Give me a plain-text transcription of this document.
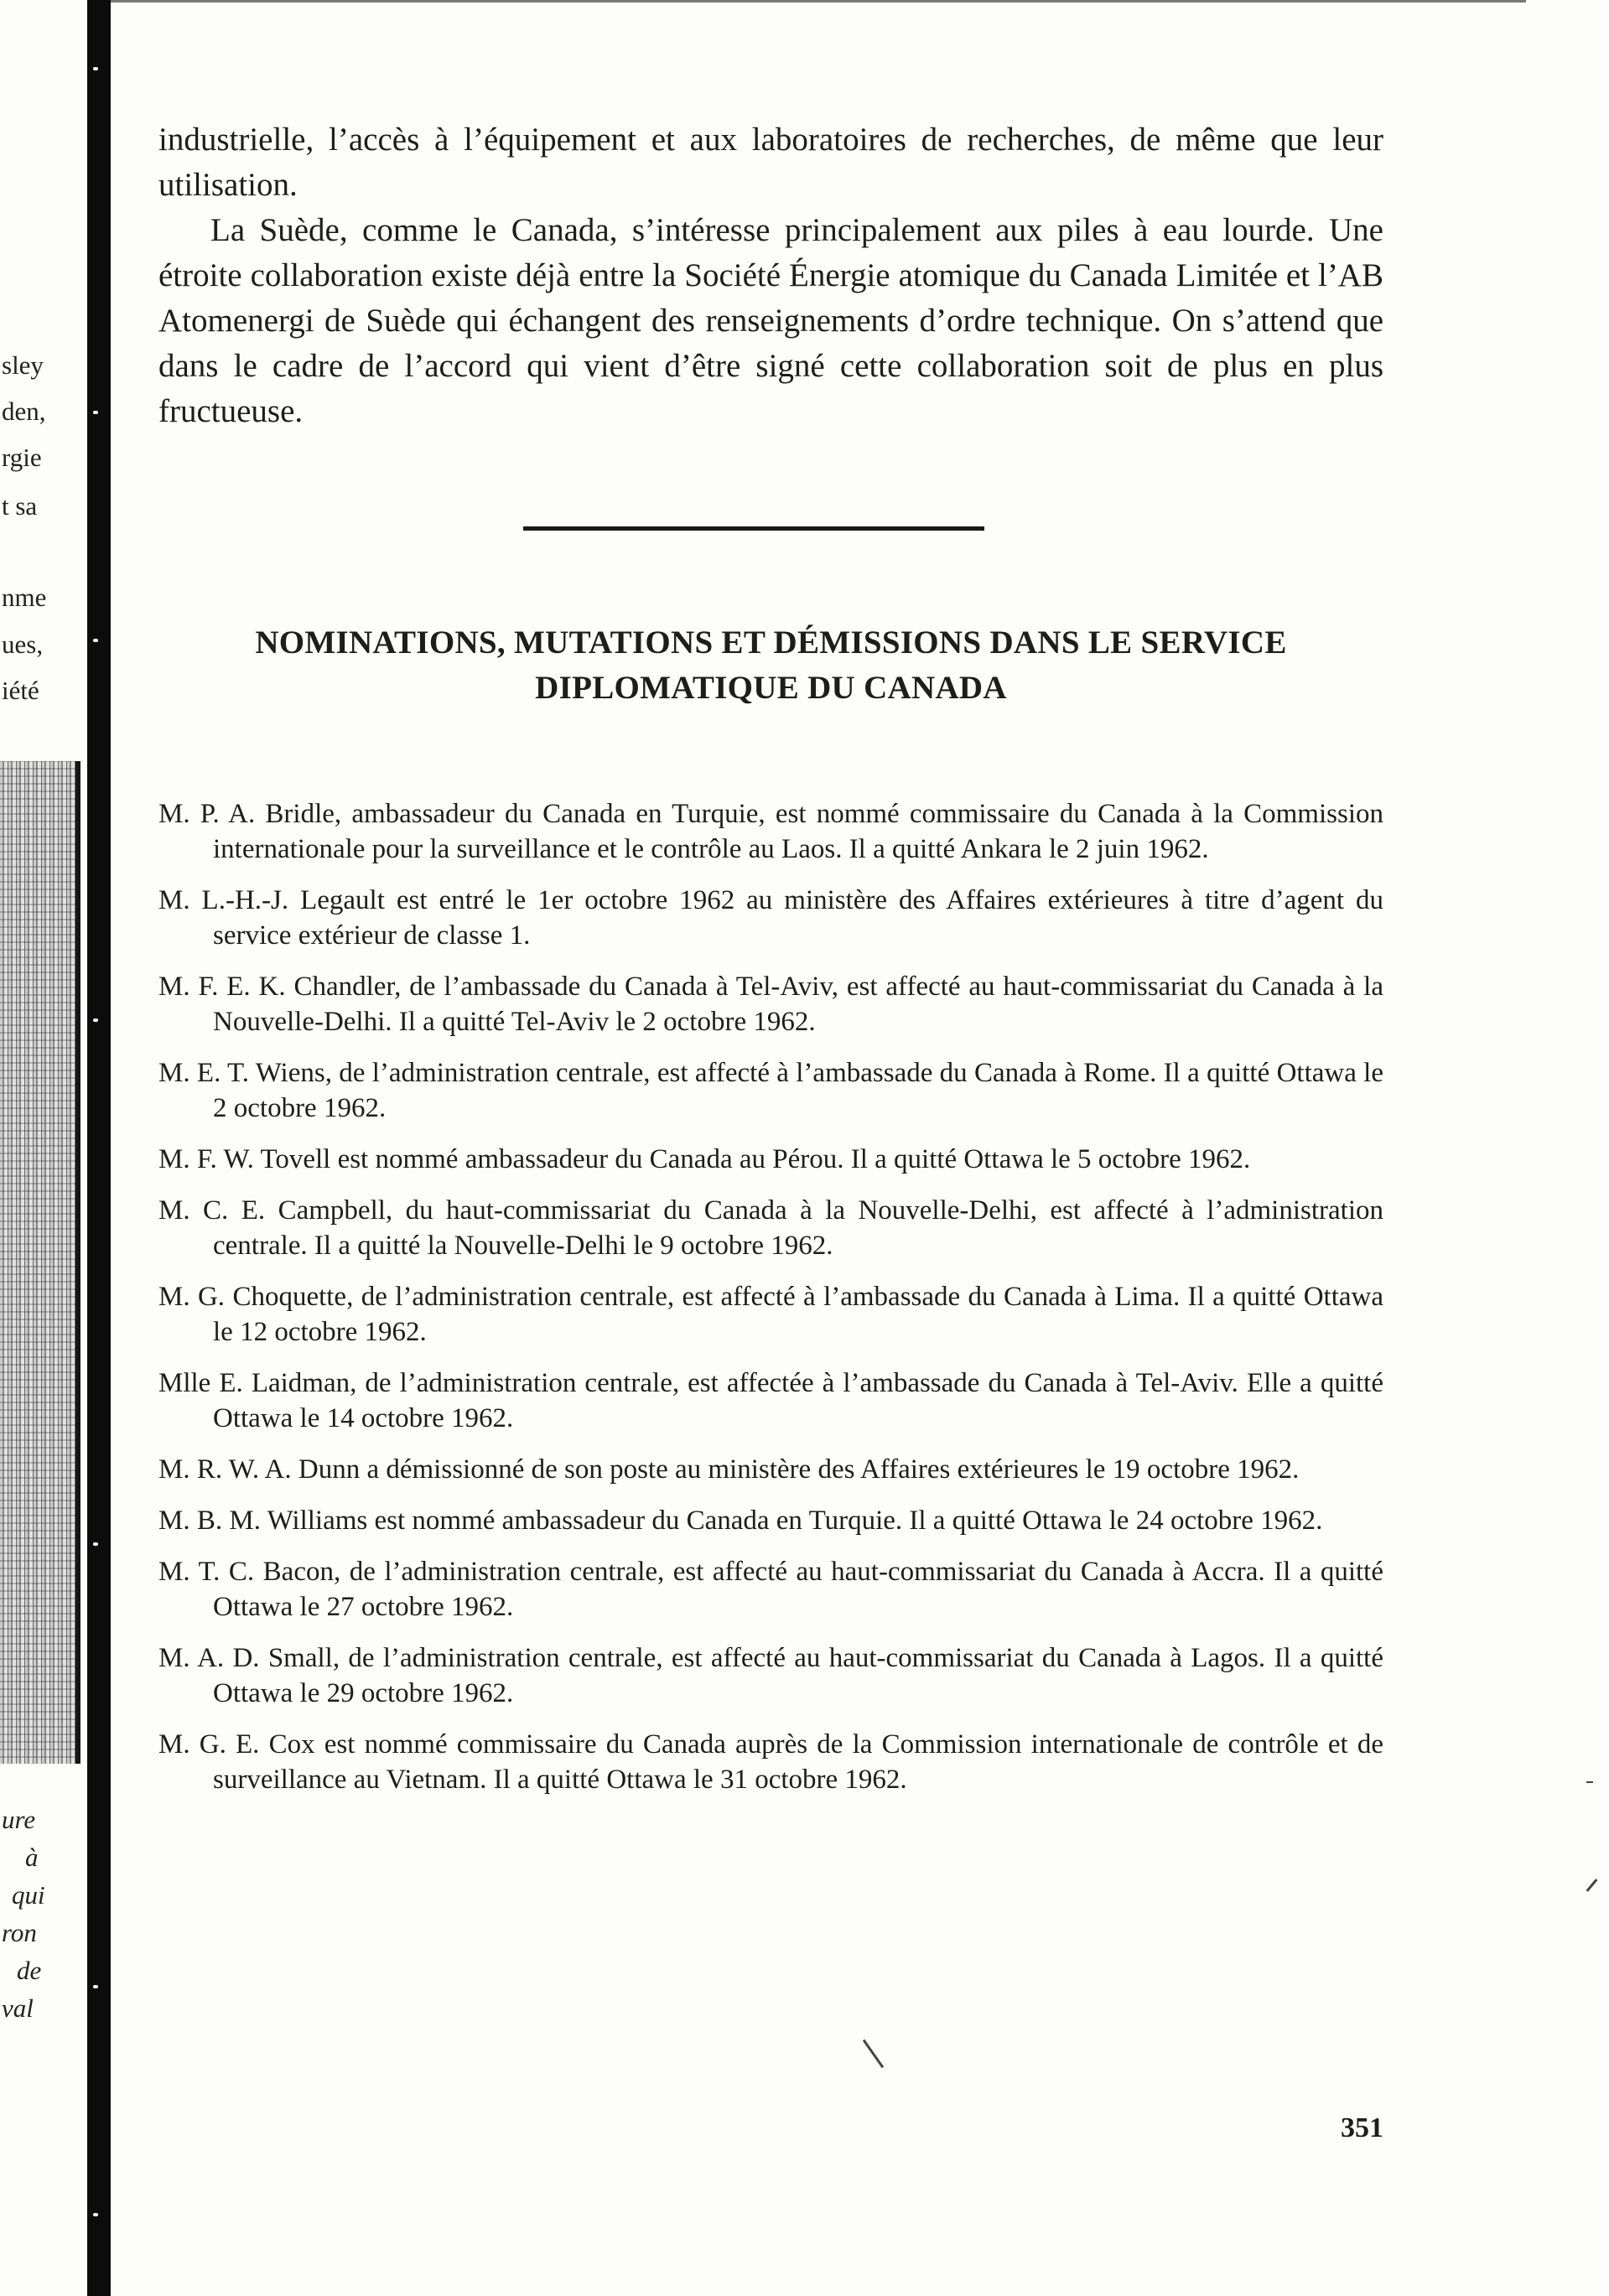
sley
den,
rgie
t sa
nme
ues,
iété
ure
à
qui
ron
de
val

industrielle, l’accès à l’équipement et aux laboratoires de recherches, de même que leur utilisation.

La Suède, comme le Canada, s’intéresse principalement aux piles à eau lourde. Une étroite collaboration existe déjà entre la Société Énergie atomique du Canada Limitée et l’AB Atomenergi de Suède qui échangent des renseignements d’ordre technique. On s’attend que dans le cadre de l’accord qui vient d’être signé cette collaboration soit de plus en plus fructueuse.

NOMINATIONS, MUTATIONS ET DÉMISSIONS DANS LE SERVICE
DIPLOMATIQUE DU CANADA

M. P. A. Bridle, ambassadeur du Canada en Turquie, est nommé commissaire du Canada à la Commission internationale pour la surveillance et le contrôle au Laos. Il a quitté Ankara le 2 juin 1962.

M. L.-H.-J. Legault est entré le 1er octobre 1962 au ministère des Affaires extérieures à titre d’agent du service extérieur de classe 1.

M. F. E. K. Chandler, de l’ambassade du Canada à Tel-Aviv, est affecté au haut-commissariat du Canada à la Nouvelle-Delhi. Il a quitté Tel-Aviv le 2 octobre 1962.

M. E. T. Wiens, de l’administration centrale, est affecté à l’ambassade du Canada à Rome. Il a quitté Ottawa le 2 octobre 1962.

M. F. W. Tovell est nommé ambassadeur du Canada au Pérou. Il a quitté Ottawa le 5 octobre 1962.

M. C. E. Campbell, du haut-commissariat du Canada à la Nouvelle-Delhi, est affecté à l’administration centrale. Il a quitté la Nouvelle-Delhi le 9 octobre 1962.

M. G. Choquette, de l’administration centrale, est affecté à l’ambassade du Canada à Lima. Il a quitté Ottawa le 12 octobre 1962.

Mlle E. Laidman, de l’administration centrale, est affectée à l’ambassade du Canada à Tel-Aviv. Elle a quitté Ottawa le 14 octobre 1962.

M. R. W. A. Dunn a démissionné de son poste au ministère des Affaires extérieures le 19 octobre 1962.

M. B. M. Williams est nommé ambassadeur du Canada en Turquie. Il a quitté Ottawa le 24 octobre 1962.

M. T. C. Bacon, de l’administration centrale, est affecté au haut-commissariat du Canada à Accra. Il a quitté Ottawa le 27 octobre 1962.

M. A. D. Small, de l’administration centrale, est affecté au haut-commissariat du Canada à Lagos. Il a quitté Ottawa le 29 octobre 1962.

M. G. E. Cox est nommé commissaire du Canada auprès de la Commission internationale de contrôle et de surveillance au Vietnam. Il a quitté Ottawa le 31 octobre 1962.

351
